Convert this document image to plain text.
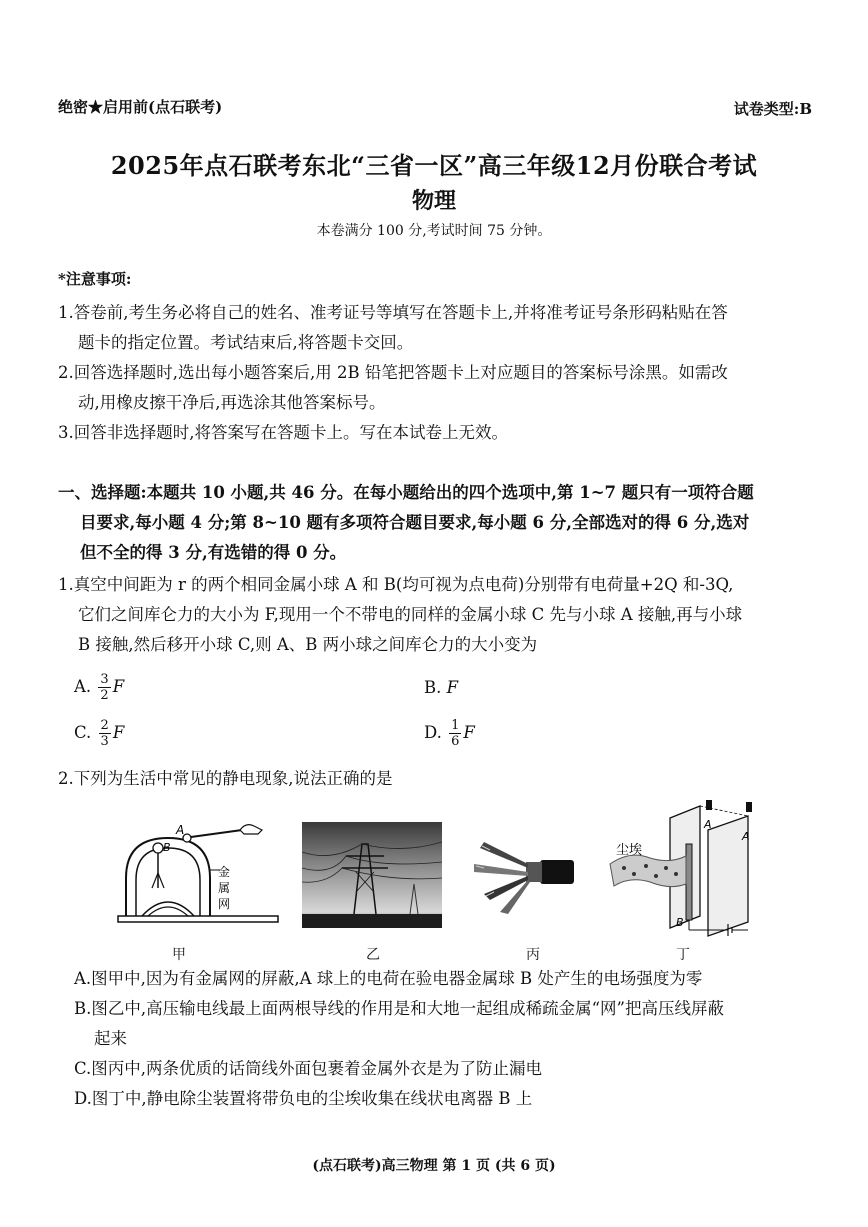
绝密★启用前(点石联考)	试卷类型:B
2025年点石联考东北“三省一区”高三年级12月份联合考试
物理
本卷满分 100 分,考试时间 75 分钟。
*注意事项:
1.答卷前,考生务必将自己的姓名、准考证号等填写在答题卡上,并将准考证号条形码粘贴在答
题卡的指定位置。考试结束后,将答题卡交回。
2.回答选择题时,选出每小题答案后,用 2B 铅笔把答题卡上对应题目的答案标号涂黑。如需改
动,用橡皮擦干净后,再选涂其他答案标号。
3.回答非选择题时,将答案写在答题卡上。写在本试卷上无效。
一、选择题:本题共 10 小题,共 46 分。在每小题给出的四个选项中,第 1~7 题只有一项符合题
目要求,每小题 4 分;第 8~10 题有多项符合题目要求,每小题 6 分,全部选对的得 6 分,选对
但不全的得 3 分,有选错的得 0 分。
1.真空中间距为 r 的两个相同金属小球 A 和 B(均可视为点电荷)分别带有电荷量+2Q 和-3Q,
它们之间库仑力的大小为 F,现用一个不带电的同样的金属小球 C 先与小球 A 接触,再与小球
B 接触,然后移开小球 C,则 A、B 两小球之间库仑力的大小变为
A. $\frac{3}{2}$ F	B. F
C. $\frac{2}{3}$ F	D. $\frac{1}{6}$ F
2.下列为生活中常见的静电现象,说法正确的是
A
B
金
属
网
尘埃
A
A
B
甲	乙	丙	丁
A.图甲中,因为有金属网的屏蔽,A 球上的电荷在验电器金属球 B 处产生的电场强度为零
B.图乙中,高压输电线最上面两根导线的作用是和大地一起组成稀疏金属“网”把高压线屏蔽
起来
C.图丙中,两条优质的话筒线外面包裹着金属外衣是为了防止漏电
D.图丁中,静电除尘装置将带负电的尘埃收集在线状电离器 B 上
(点石联考)高三物理 第 1 页 (共 6 页)
